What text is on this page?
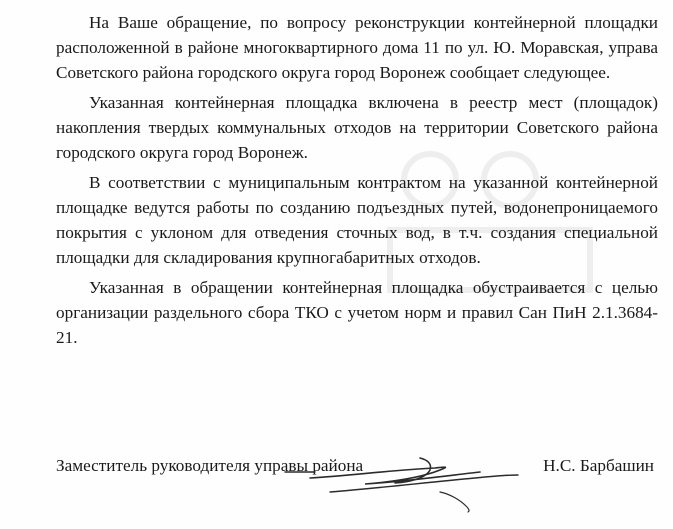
На Ваше обращение, по вопросу реконструкции контейнерной площадки расположенной в районе многоквартирного дома 11 по ул. Ю. Моравская, управа Советского района городского округа город Воронеж сообщает следующее.

Указанная контейнерная площадка включена в реестр мест (площадок) накопления твердых коммунальных отходов на территории Советского района городского округа город Воронеж.

В соответствии с муниципальным контрактом на указанной контейнерной площадке ведутся работы по созданию подъездных путей, водонепроницаемого покрытия с уклоном для отведения сточных вод, в т.ч. создания специальной площадки для складирования крупногабаритных отходов.

Указанная в обращении контейнерная площадка обустраивается с целью организации раздельного сбора ТКО с учетом норм и правил Сан ПиН 2.1.3684-21.

Заместитель руководителя управы района	Н.С. Барбашин
